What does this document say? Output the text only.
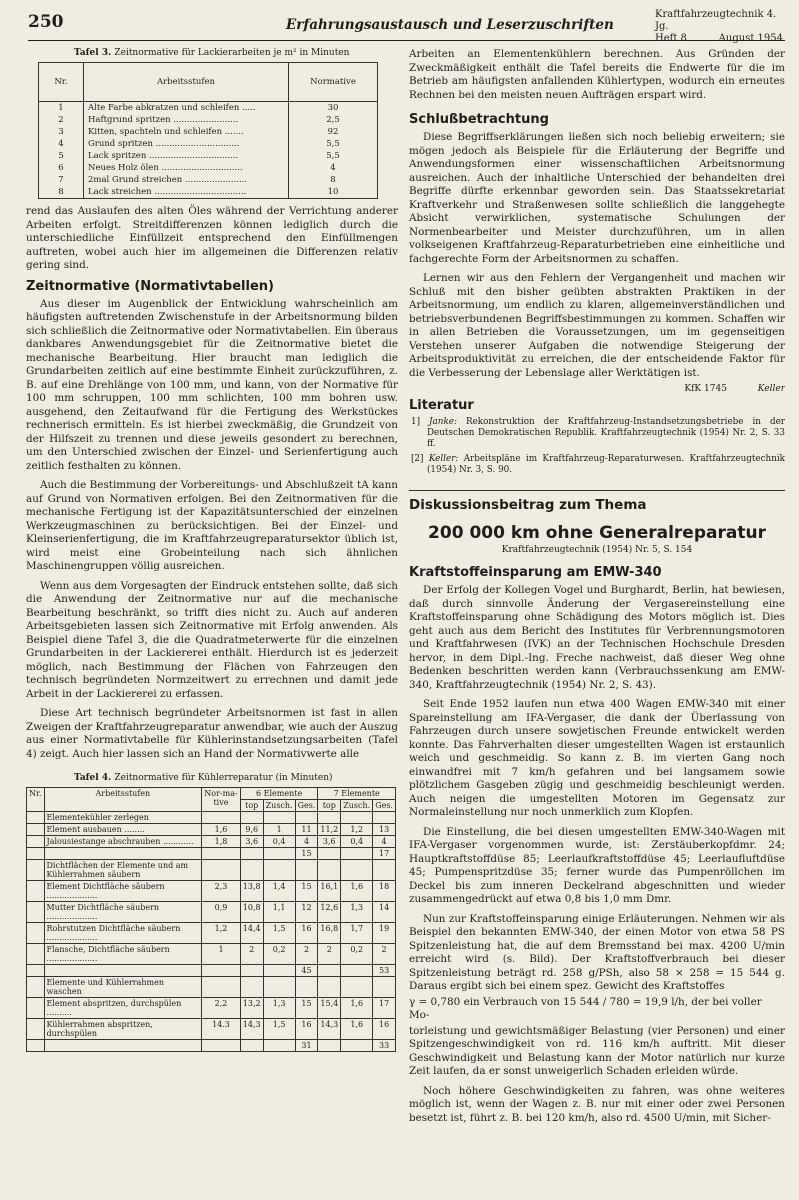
250	Erfahrungsaustausch und Leserzuschriften
Kraftfahrzeugtechnik 4. Jg.
Heft 8          August 1954
Tafel 3. Zeitnormative für Lackierarbeiten je m² in Minuten
Nr.	Arbeitsstufen	Normative
1	Alte Farbe abkratzen und schleifen .....	30
2	Haftgrund spritzen ........................	2,5
3	Kitten, spachteln und schleifen .......	92
4	Grund spritzen ...............................	5,5
5	Lack spritzen .................................	5,5
6	Neues Holz ölen ..............................	4
7	2mal Grund streichen .......................	8
8	Lack streichen ..................................	10

rend das Auslaufen des alten Öles während der Verrichtung anderer Arbeiten erfolgt. Streitdifferenzen können lediglich durch die unterschiedliche Einfüllzeit entsprechend den Einfüllmengen auftreten, wobei auch hier im allgemeinen die Differenzen relativ gering sind.

Zeitnormative (Normativtabellen)

Aus dieser im Augenblick der Entwicklung wahrscheinlich am häufigsten auftretenden Zwischenstufe in der Arbeitsnormung bilden sich schließlich die Zeitnormative oder Normativtabellen. Ein überaus dankbares Anwendungsgebiet für die Zeitnormative bietet die mechanische Bearbeitung. Hier braucht man lediglich die Grundarbeiten zeitlich auf eine bestimmte Einheit zurückzuführen, z. B. auf eine Drehlänge von 100 mm, und kann, von der Normative für 100 mm schruppen, 100 mm schlichten, 100 mm bohren usw. ausgehend, den Zeitaufwand für die Fertigung des Werkstückes rechnerisch ermitteln. Es ist hierbei zweckmäßig, die Grundzeit von der Hilfszeit zu trennen und diese jeweils gesondert zu berechnen, um den Unterschied zwischen der Einzel- und Serienfertigung auch zeitlich festhalten zu können.

Auch die Bestimmung der Vorbereitungs- und Abschlußzeit tA kann auf Grund von Normativen erfolgen. Bei den Zeitnormativen für die mechanische Fertigung ist der Kapazitätsunterschied der einzelnen Werkzeugmaschinen zu berücksichtigen. Bei der Einzel- und Kleinserienfertigung, die im Kraftfahrzeugreparatursektor üblich ist, wird meist eine Grobeinteilung nach sich ähnlichen Maschinengruppen völlig ausreichen.

Wenn aus dem Vorgesagten der Eindruck entstehen sollte, daß sich die Anwendung der Zeitnormative nur auf die mechanische Bearbeitung beschränkt, so trifft dies nicht zu. Auch auf anderen Arbeitsgebieten lassen sich Zeitnormative mit Erfolg anwenden. Als Beispiel diene Tafel 3, die die Quadratmeterwerte für die einzelnen Grundarbeiten in der Lackiererei enthält. Hierdurch ist es jederzeit möglich, nach Bestimmung der Flächen von Fahrzeugen den technisch begründeten Normzeitwert zu errechnen und damit jede Arbeit in der Lackiererei zu erfassen.

Diese Art technisch begründeter Arbeitsnormen ist fast in allen Zweigen der Kraftfahrzeugreparatur anwendbar, wie auch der Auszug aus einer Normativtabelle für Kühlerinstandsetzungsarbeiten (Tafel 4) zeigt. Auch hier lassen sich an Hand der Normativwerte alle

Tafel 4. Zeitnormative für Kühlerreparatur (in Minuten)
Nr.	Arbeitsstufen	Nor-ma-tive	6 Elemente			7 Elemente		
			top	Zusch.	Ges.	top	Zusch.	Ges.
	Elementekühler zerlegen							
	Element ausbauen ........	1,6	9,6	1	11	11,2	1,2	13
	Jalousiestange abschrauben ............	1,8	3,6	0,4	4	3,6	0,4	4
					15			17
	Dichtflächen der Elemente und am Kühlerrahmen säubern							
	Element Dichtfläche säubern ....................	2,3	13,8	1,4	15	16,1	1,6	18
	Mutter Dichtfläche säubern ....................	0,9	10,8	1,1	12	12,6	1,3	14
	Rohrstutzen Dichtfläche säubern ....................	1,2	14,4	1,5	16	16,8	1,7	19
	Flansche, Dichtfläche säubern ....................	1	2	0,2	2	2	0,2	2
					45			53
	Elemente und Kühlerrahmen waschen							
	Element abspritzen, durchspülen ..........	2,2	13,2	1,3	15	15,4	1,6	17
	Kühlerrahmen abspritzen, durchspülen	14.3	14,3	1,5	16	14,3	1,6	16
					31			33

Arbeiten an Elementenkühlern berechnen. Aus Gründen der Zweckmäßigkeit enthält die Tafel bereits die Endwerte für die im Betrieb am häufigsten anfallenden Kühlertypen, wodurch ein erneutes Rechnen bei den meisten neuen Aufträgen erspart wird.

Schlußbetrachtung

Diese Begriffserklärungen ließen sich noch beliebig erweitern; sie mögen jedoch als Beispiele für die Erläuterung der Begriffe und Anwendungsformen einer wissenschaftlichen Arbeitsnormung ausreichen. Auch der inhaltliche Unterschied der behandelten drei Begriffe dürfte erkennbar geworden sein. Das Staatssekretariat Kraftverkehr und Straßenwesen sollte schließlich die langgehegte Absicht verwirklichen, systematische Schulungen der Normenbearbeiter und Meister durchzuführen, um in allen volkseigenen Kraftfahrzeug-Reparaturbetrieben eine einheitliche und fachgerechte Form der Arbeitsnormen zu schaffen.

Lernen wir aus den Fehlern der Vergangenheit und machen wir Schluß mit den bisher geübten abstrakten Praktiken in der Arbeitsnormung, um endlich zu klaren, allgemeinverständlichen und betriebsverbundenen Begriffsbestimmungen zu kommen. Schaffen wir in allen Betrieben die Voraussetzungen, um im gegenseitigen Verstehen unserer Aufgaben die notwendige Steigerung der Arbeitsproduktivität zu erreichen, die der entscheidende Faktor für die Verbesserung der Lebenslage aller Werktätigen ist.

KfK 1745	Keller
Literatur
1] Janke: Rekonstruktion der Kraftfahrzeug-Instandsetzungsbetriebe in der Deutschen Demokratischen Republik. Kraftfahrzeugtechnik (1954) Nr. 2, S. 33 ff.
[2] Keller: Arbeitspläne im Kraftfahrzeug-Reparaturwesen. Kraftfahrzeugtechnik (1954) Nr. 3, S. 90.
Diskussionsbeitrag zum Thema
200 000 km ohne Generalreparatur
Kraftfahrzeugtechnik (1954) Nr. 5, S. 154
Kraftstoffeinsparung am EMW-340

Der Erfolg der Kollegen Vogel und Burghardt, Berlin, hat bewiesen, daß durch sinnvolle Änderung der Vergasereinstellung eine Kraftstoffeinsparung ohne Schädigung des Motors möglich ist. Dies geht auch aus dem Bericht des Institutes für Verbrennungsmotoren und Kraftfahrwesen (IVK) an der Technischen Hochschule Dresden hervor, in dem Dipl.-Ing. Freche nachweist, daß dieser Weg ohne Bedenken beschritten werden kann (Verbrauchssenkung am EMW-340, Kraftfahrzeugtechnik (1954) Nr. 2, S. 43).

Seit Ende 1952 laufen nun etwa 400 Wagen EMW-340 mit einer Spareinstellung am IFA-Vergaser, die dank der Überlassung von Fahrzeugen durch unsere sowjetischen Freunde entwickelt werden konnte. Das Fahrverhalten dieser umgestellten Wagen ist erstaunlich weich und geschmeidig. So kann z. B. im vierten Gang noch einwandfrei mit 7 km/h gefahren und bei langsamem sowie plötzlichem Gasgeben zügig und geschmeidig beschleunigt werden. Auch neigen die umgestellten Motoren im Gegensatz zur Normaleinstellung nur noch unmerklich zum Klopfen.

Die Einstellung, die bei diesen umgestellten EMW-340-Wagen mit IFA-Vergaser vorgenommen wurde, ist: Zerstäuberkopfdmr. 24; Hauptkraftstoffdüse 85; Leerlaufkraftstoffdüse 45; Leerlaufluftdüse 45; Pumpenspritzdüse 35; ferner wurde das Pumpenröllchen im Deckel bis zum inneren Deckelrand abgeschnitten und wieder zusammengedrückt auf etwa 0,8 bis 1,0 mm Dmr.

Nun zur Kraftstoffeinsparung einige Erläuterungen. Nehmen wir als Beispiel den bekannten EMW-340, der einen Motor von etwa 58 PS Spitzenleistung hat, die auf dem Bremsstand bei max. 4200 U/min erreicht wird (s. Bild). Der Kraftstoffverbrauch bei dieser Spitzenleistung beträgt rd. 258 g/PSh, also 58 × 258 = 15 544 g. Daraus ergibt sich bei einem spez. Gewicht des Kraftstoffes

γ = 0,780 ein Verbrauch von 15 544 / 780 = 19,9 l/h, der bei voller Mo-

torleistung und gewichtsmäßiger Belastung (vier Personen) und einer Spitzengeschwindigkeit von rd. 116 km/h auftritt. Mit dieser Geschwindigkeit und Belastung kann der Motor natürlich nur kurze Zeit laufen, da er sonst unweigerlich Schaden erleiden würde.

Noch höhere Geschwindigkeiten zu fahren, was ohne weiteres möglich ist, wenn der Wagen z. B. nur mit einer oder zwei Personen besetzt ist, führt z. B. bei 120 km/h, also rd. 4500 U/min, mit Sicher-
